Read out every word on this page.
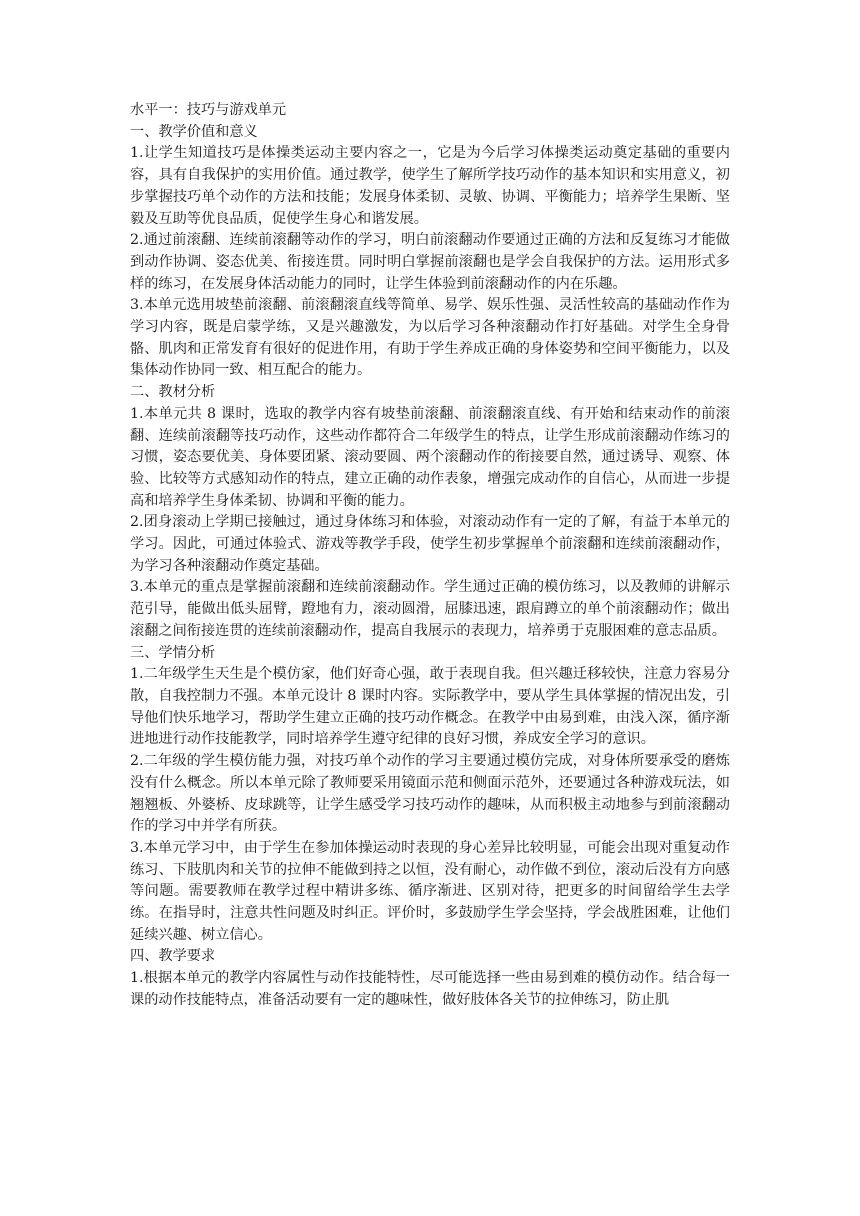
水平一：技巧与游戏单元

一、教学价值和意义

1.让学生知道技巧是体操类运动主要内容之一，它是为今后学习体操类运动奠定基础的重要内容，具有自我保护的实用价值。通过教学，使学生了解所学技巧动作的基本知识和实用意义，初步掌握技巧单个动作的方法和技能；发展身体柔韧、灵敏、协调、平衡能力；培养学生果断、坚毅及互助等优良品质，促使学生身心和谐发展。

2.通过前滚翻、连续前滚翻等动作的学习，明白前滚翻动作要通过正确的方法和反复练习才能做到动作协调、姿态优美、衔接连贯。同时明白掌握前滚翻也是学会自我保护的方法。运用形式多样的练习，在发展身体活动能力的同时，让学生体验到前滚翻动作的内在乐趣。

3.本单元选用坡垫前滚翻、前滚翻滚直线等简单、易学、娱乐性强、灵活性较高的基础动作作为学习内容，既是启蒙学练，又是兴趣激发，为以后学习各种滚翻动作打好基础。对学生全身骨骼、肌肉和正常发育有很好的促进作用，有助于学生养成正确的身体姿势和空间平衡能力，以及集体动作协同一致、相互配合的能力。

二、教材分析

1.本单元共 8 课时，选取的教学内容有坡垫前滚翻、前滚翻滚直线、有开始和结束动作的前滚翻、连续前滚翻等技巧动作，这些动作都符合二年级学生的特点，让学生形成前滚翻动作练习的习惯，姿态要优美、身体要团紧、滚动要圆、两个滚翻动作的衔接要自然，通过诱导、观察、体验、比较等方式感知动作的特点，建立正确的动作表象，增强完成动作的自信心，从而进一步提高和培养学生身体柔韧、协调和平衡的能力。

2.团身滚动上学期已接触过，通过身体练习和体验，对滚动动作有一定的了解，有益于本单元的学习。因此，可通过体验式、游戏等教学手段，使学生初步掌握单个前滚翻和连续前滚翻动作，为学习各种滚翻动作奠定基础。

3.本单元的重点是掌握前滚翻和连续前滚翻动作。学生通过正确的模仿练习，以及教师的讲解示范引导，能做出低头屈臂，蹬地有力，滚动圆滑，屈膝迅速，跟肩蹲立的单个前滚翻动作；做出滚翻之间衔接连贯的连续前滚翻动作，提高自我展示的表现力，培养勇于克服困难的意志品质。

三、学情分析

1.二年级学生天生是个模仿家，他们好奇心强，敢于表现自我。但兴趣迁移较快，注意力容易分散，自我控制力不强。本单元设计 8 课时内容。实际教学中，要从学生具体掌握的情况出发，引导他们快乐地学习，帮助学生建立正确的技巧动作概念。在教学中由易到难，由浅入深，循序渐进地进行动作技能教学，同时培养学生遵守纪律的良好习惯，养成安全学习的意识。

2.二年级的学生模仿能力强，对技巧单个动作的学习主要通过模仿完成，对身体所要承受的磨炼没有什么概念。所以本单元除了教师要采用镜面示范和侧面示范外，还要通过各种游戏玩法，如翘翘板、外婆桥、皮球跳等，让学生感受学习技巧动作的趣味，从而积极主动地参与到前滚翻动作的学习中并学有所获。

3.本单元学习中，由于学生在参加体操运动时表现的身心差异比较明显，可能会出现对重复动作练习、下肢肌肉和关节的拉伸不能做到持之以恒，没有耐心，动作做不到位，滚动后没有方向感等问题。需要教师在教学过程中精讲多练、循序渐进、区别对待，把更多的时间留给学生去学练。在指导时，注意共性问题及时纠正。评价时，多鼓励学生学会坚持，学会战胜困难，让他们延续兴趣、树立信心。

四、教学要求

1.根据本单元的教学内容属性与动作技能特性，尽可能选择一些由易到难的模仿动作。结合每一课的动作技能特点，准备活动要有一定的趣味性，做好肢体各关节的拉伸练习，防止肌
